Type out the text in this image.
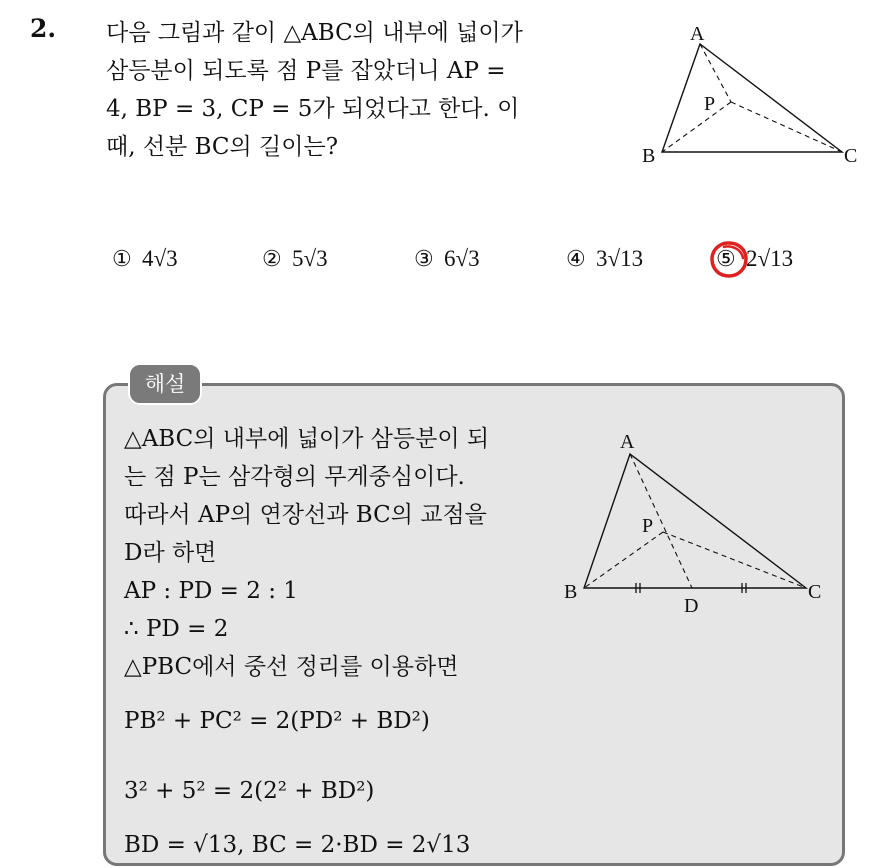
2. 다음 그림과 같이 △ABC의 내부에 넓이가
삼등분이 되도록 점 P를 잡았더니 AP =
4, BP = 3, CP = 5가 되었다고 한다. 이
때, 선분 BC의 길이는?
A
B	C
P
① 4√3	② 5√3	③ 6√3	④ 3√13	⑤ 2√13
해설
△ABC의 내부에 넓이가 삼등분이 되
는 점 P는 삼각형의 무게중심이다.
따라서 AP의 연장선과 BC의 교점을
D라 하면
AP : PD = 2 : 1
∴ PD = 2
△PBC에서 중선 정리를 이용하면
PB² + PC² = 2(PD² + BD²)
3² + 5² = 2(2² + BD²)
BD = √13, BC = 2·BD = 2√13
A
B	C
P
D
